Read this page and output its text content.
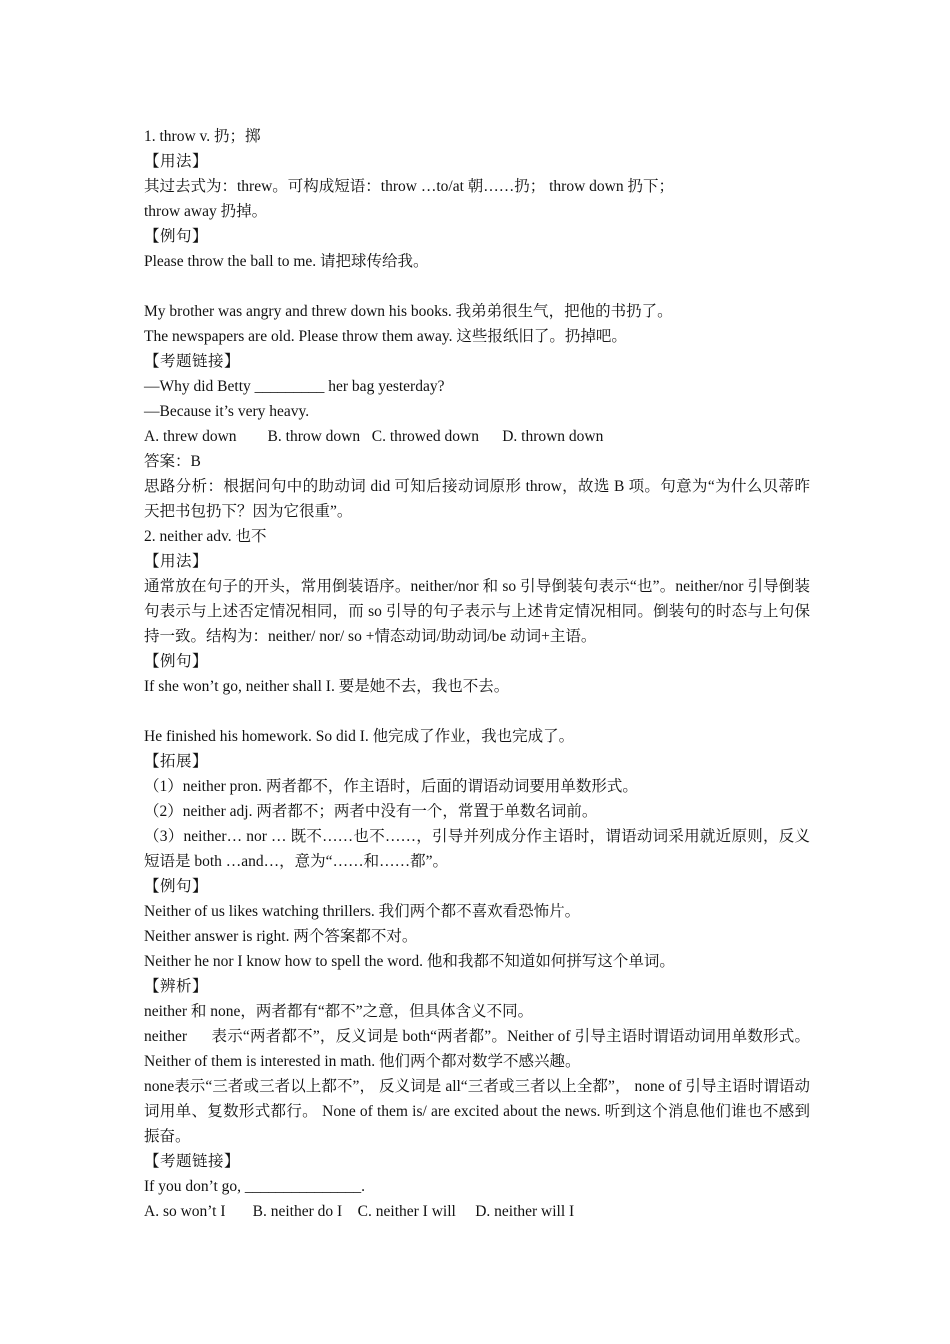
1. throw v. 扔；掷
【用法】
其过去式为：threw。可构成短语：throw …to/at 朝……扔； throw down 扔下；
throw away 扔掉。
【例句】
Please throw the ball to me. 请把球传给我。
My brother was angry and threw down his books. 我弟弟很生气，把他的书扔了。
The newspapers are old. Please throw them away. 这些报纸旧了。扔掉吧。
【考题链接】
—Why did Betty _________ her bag yesterday?
—Because it’s very heavy.
A. threw down        B. throw down   C. throwed down      D. thrown down
答案：B
思路分析：根据问句中的助动词 did 可知后接动词原形 throw，故选 B 项。句意为“为什么贝蒂昨天把书包扔下？因为它很重”。
2. neither adv. 也不
【用法】
通常放在句子的开头，常用倒装语序。neither/nor 和 so 引导倒装句表示“也”。neither/nor 引导倒装句表示与上述否定情况相同，而 so 引导的句子表示与上述肯定情况相同。倒装句的时态与上句保持一致。结构为：neither/ nor/ so +情态动词/助动词/be 动词+主语。
【例句】
If she won’t go, neither shall I. 要是她不去，我也不去。
He finished his homework. So did I. 他完成了作业，我也完成了。
【拓展】
（1）neither pron. 两者都不，作主语时，后面的谓语动词要用单数形式。
（2）neither adj. 两者都不；两者中没有一个，常置于单数名词前。
（3）neither… nor … 既不……也不……，引导并列成分作主语时，谓语动词采用就近原则，反义短语是 both …and…，意为“……和……都”。
【例句】
Neither of us likes watching thrillers. 我们两个都不喜欢看恐怖片。
Neither answer is right. 两个答案都不对。
Neither he nor I know how to spell the word. 他和我都不知道如何拼写这个单词。
【辨析】
neither 和 none，两者都有“都不”之意，但具体含义不同。
neither      表示“两者都不”，反义词是 both“两者都”。Neither of 引导主语时谓语动词用单数形式。Neither of them is interested in math. 他们两个都对数学不感兴趣。
none表示“三者或三者以上都不”， 反义词是 all“三者或三者以上全都”， none of 引导主语时谓语动词用单、复数形式都行。 None of them is/ are excited about the news. 听到这个消息他们谁也不感到振奋。
【考题链接】
If you don’t go, _______________.
A. so won’t I       B. neither do I    C. neither I will     D. neither will I
